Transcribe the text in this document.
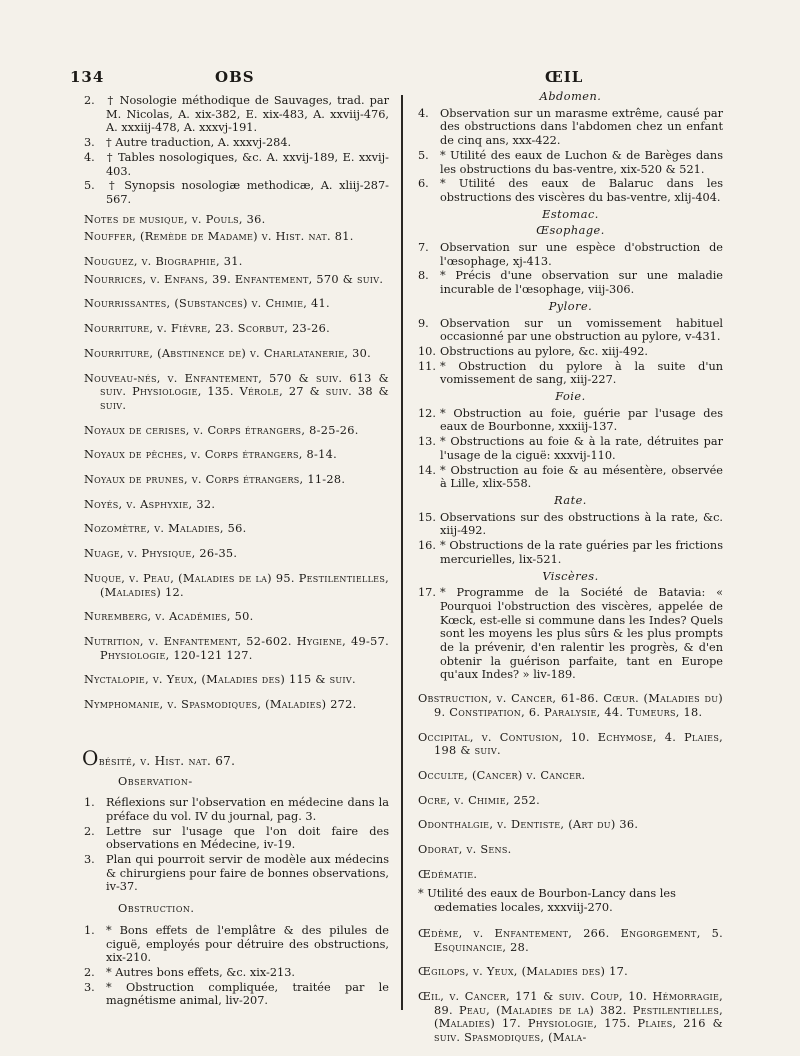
134	OBS	ŒIL
2. † Nosologie méthodique de Sauvages, trad. par M. Nicolas, A. xix-382, E. xix-483, A. xxviij-476, A. xxxiij-478, A. xxxvj-191.
3. † Autre traduction, A. xxxvj-284.
4. † Tables nosologiques, &c. A. xxvij-189, E. xxvij-403.
5. † Synopsis nosologiæ methodicæ, A. xliij-287-567.
Notes de musique, v. Pouls, 36.
Nouffer, (Remède de Madame) v. Hist. nat. 81.
Nouguez, v. Biographie, 31.
Nourrices, v. Enfans, 39. Enfantement, 570 & suiv.
Nourrissantes, (Substances) v. Chimie, 41.
Nourriture, v. Fièvre, 23. Scorbut, 23-26.
Nourriture, (Abstinence de) v. Charlatanerie, 30.
Nouveau-nés, v. Enfantement, 570 & suiv. 613 & suiv. Physiologie, 135. Vérole, 27 & suiv. 38 & suiv.
Noyaux de cerises, v. Corps étrangers, 8-25-26.
Noyaux de pêches, v. Corps étrangers, 8-14.
Noyaux de prunes, v. Corps étrangers, 11-28.
Noyés, v. Asphyxie, 32.
Nozomètre, v. Maladies, 56.
Nuage, v. Physique, 26-35.
Nuque, v. Peau, (Maladies de la) 95. Pestilentielles, (Maladies) 12.
Nuremberg, v. Académies, 50.
Nutrition, v. Enfantement, 52-602. Hygiene, 49-57. Physiologie, 120-121 127.
Nyctalopie, v. Yeux, (Maladies des) 115 & suiv.
Nymphomanie, v. Spasmodiques, (Maladies) 272.
Obésité, v. Hist. nat. 67.
Observation-
1. Réflexions sur l'observation en médecine dans la préface du vol. IV du journal, pag. 3.
2. Lettre sur l'usage que l'on doit faire des observations en Médecine, iv-19.
3. Plan qui pourroit servir de modèle aux médecins & chirurgiens pour faire de bonnes observations, iv-37.
Obstruction.
1. * Bons effets de l'emplâtre & des pilules de ciguë, employés pour détruire des obstructions, xix-210.
2. * Autres bons effets, &c. xix-213.
3. * Obstruction compliquée, traitée par le magnétisme animal, liv-207.
Abdomen.
4. Observation sur un marasme extrême, causé par des obstructions dans l'abdomen chez un enfant de cinq ans, xxx-422.
5. * Utilité des eaux de Luchon & de Barèges dans les obstructions du bas-ventre, xix-520 & 521.
6. * Utilité des eaux de Balaruc dans les obstructions des viscères du bas-ventre, xlij-404.
Estomac.
Œsophage.
7. Observation sur une espèce d'obstruction de l'œsophage, xj-413.
8. * Précis d'une observation sur une maladie incurable de l'œsophage, viij-306.
Pylore.
9. Observation sur un vomissement habituel occasionné par une obstruction au pylore, v-431.
10. Obstructions au pylore, &c. xiij-492.
11. * Obstruction du pylore à la suite d'un vomissement de sang, xiij-227.
Foie.
12. * Obstruction au foie, guérie par l'usage des eaux de Bourbonne, xxxiij-137.
13. * Obstructions au foie & à la rate, détruites par l'usage de la ciguë: xxxvij-110.
14. * Obstruction au foie & au mésentère, observée à Lille, xlix-558.
Rate.
15. Observations sur des obstructions à la rate, &c. xiij-492.
16. * Obstructions de la rate guéries par les frictions mercurielles, lix-521.
Viscères.
17. * Programme de la Société de Batavia: « Pourquoi l'obstruction des viscères, appelée de Kœck, est-elle si commune dans les Indes? Quels sont les moyens les plus sûrs & les plus prompts de la prévenir, d'en ralentir les progrès, & d'en obtenir la guérison parfaite, tant en Europe qu'aux Indes? » liv-189.
Obstruction, v. Cancer, 61-86. Cœur. (Maladies du) 9. Constipation, 6. Paralysie, 44. Tumeurs, 18.
Occipital, v. Contusion, 10. Echymose, 4. Plaies, 198 & suiv.
Occulte, (Cancer) v. Cancer.
Ocre, v. Chimie, 252.
Odonthalgie, v. Dentiste, (Art du) 36.
Odorat, v. Sens.
Œdématie.
* Utilité des eaux de Bourbon-Lancy dans les œdematies locales, xxxviij-270.
Œdème, v. Enfantement, 266. Engorgement, 5. Esquinancie, 28.
Œgilops, v. Yeux, (Maladies des) 17.
Œil, v. Cancer, 171 & suiv. Coup, 10. Hémorragie, 89. Peau, (Maladies de la) 382. Pestilentielles, (Maladies) 17. Physiologie, 175. Plaies, 216 & suiv. Spasmodiques, (Mala-
